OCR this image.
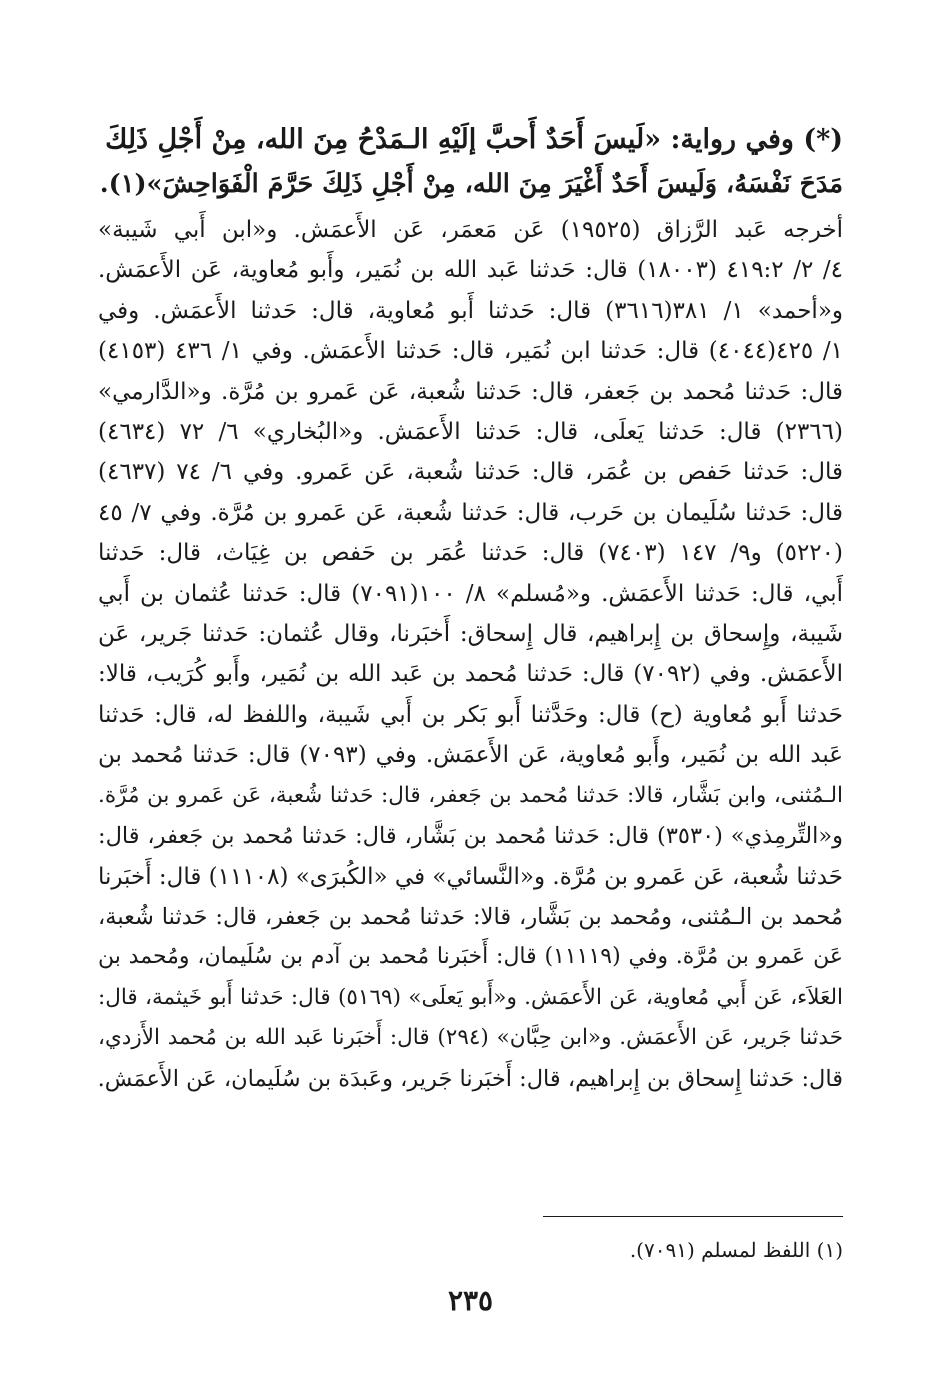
(*) وفي رواية: «لَيسَ أَحَدٌ أَحبَّ إلَيْهِ الـمَدْحُ مِنَ الله، مِنْ أَجْلِ ذَلِكَ
مَدَحَ نَفْسَهُ، وَلَيسَ أَحَدٌ أَغْيَرَ مِنَ الله، مِنْ أَجْلِ ذَلِكَ حَرَّمَ الْفَوَاحِشَ»(١).
أخرجه عَبد الرَّزاق (١٩٥٢٥) عَن مَعمَر، عَن الأَعمَش. و«ابن أَبي شَيبة»
٤/ ٢/ ٤١٩:٢ (١٨٠٠٣) قال: حَدثنا عَبد الله بن نُمَير، وأَبو مُعاوية، عَن الأَعمَش.
و«أحمد» ١/ ٣٨١(٣٦١٦) قال: حَدثنا أَبو مُعاوية، قال: حَدثنا الأَعمَش. وفي
١/ ٤٢٥(٤٠٤٤) قال: حَدثنا ابن نُمَير، قال: حَدثنا الأَعمَش. وفي ١/ ٤٣٦ (٤١٥٣)
قال: حَدثنا مُحمد بن جَعفر، قال: حَدثنا شُعبة، عَن عَمرو بن مُرَّة. و«الدَّارمي»
(٢٣٦٦) قال: حَدثنا يَعلَى، قال: حَدثنا الأَعمَش. و«البُخاري» ٦/ ٧٢ (٤٦٣٤)
قال: حَدثنا حَفص بن عُمَر، قال: حَدثنا شُعبة، عَن عَمرو. وفي ٦/ ٧٤ (٤٦٣٧)
قال: حَدثنا سُلَيمان بن حَرب، قال: حَدثنا شُعبة، عَن عَمرو بن مُرَّة. وفي ٧/ ٤٥
(٥٢٢٠) و٩/ ١٤٧ (٧٤٠٣) قال: حَدثنا عُمَر بن حَفص بن غِيَاث، قال: حَدثنا
أَبي، قال: حَدثنا الأَعمَش. و«مُسلم» ٨/ ١٠٠(٧٠٩١) قال: حَدثنا عُثمان بن أَبي
شَيبة، وإِسحاق بن إِبراهيم، قال إِسحاق: أَخبَرنا، وقال عُثمان: حَدثنا جَرير، عَن
الأَعمَش. وفي (٧٠٩٢) قال: حَدثنا مُحمد بن عَبد الله بن نُمَير، وأَبو كُرَيب، قالا:
حَدثنا أَبو مُعاوية (ح) قال: وحَدَّثنا أَبو بَكر بن أَبي شَيبة، واللفظ له، قال: حَدثنا
عَبد الله بن نُمَير، وأَبو مُعاوية، عَن الأَعمَش. وفي (٧٠٩٣) قال: حَدثنا مُحمد بن
الـمُثنى، وابن بَشَّار، قالا: حَدثنا مُحمد بن جَعفر، قال: حَدثنا شُعبة، عَن عَمرو بن مُرَّة.
و«التِّرمِذي» (٣٥٣٠) قال: حَدثنا مُحمد بن بَشَّار، قال: حَدثنا مُحمد بن جَعفر، قال:
حَدثنا شُعبة، عَن عَمرو بن مُرَّة. و«النَّسائي» في «الكُبرَى» (١١١٠٨) قال: أَخبَرنا
مُحمد بن الـمُثنى، ومُحمد بن بَشَّار، قالا: حَدثنا مُحمد بن جَعفر، قال: حَدثنا شُعبة،
عَن عَمرو بن مُرَّة. وفي (١١١١٩) قال: أَخبَرنا مُحمد بن آدم بن سُلَيمان، ومُحمد بن
العَلاَء، عَن أَبي مُعاوية، عَن الأَعمَش. و«أَبو يَعلَى» (٥١٦٩) قال: حَدثنا أَبو خَيثمة، قال:
حَدثنا جَرير، عَن الأَعمَش. و«ابن حِبَّان» (٢٩٤) قال: أَخبَرنا عَبد الله بن مُحمد الأَزدي،
قال: حَدثنا إِسحاق بن إِبراهيم، قال: أَخبَرنا جَرير، وعَبدَة بن سُلَيمان، عَن الأَعمَش.
(١) اللفظ لمسلم (٧٠٩١).
٢٣٥
